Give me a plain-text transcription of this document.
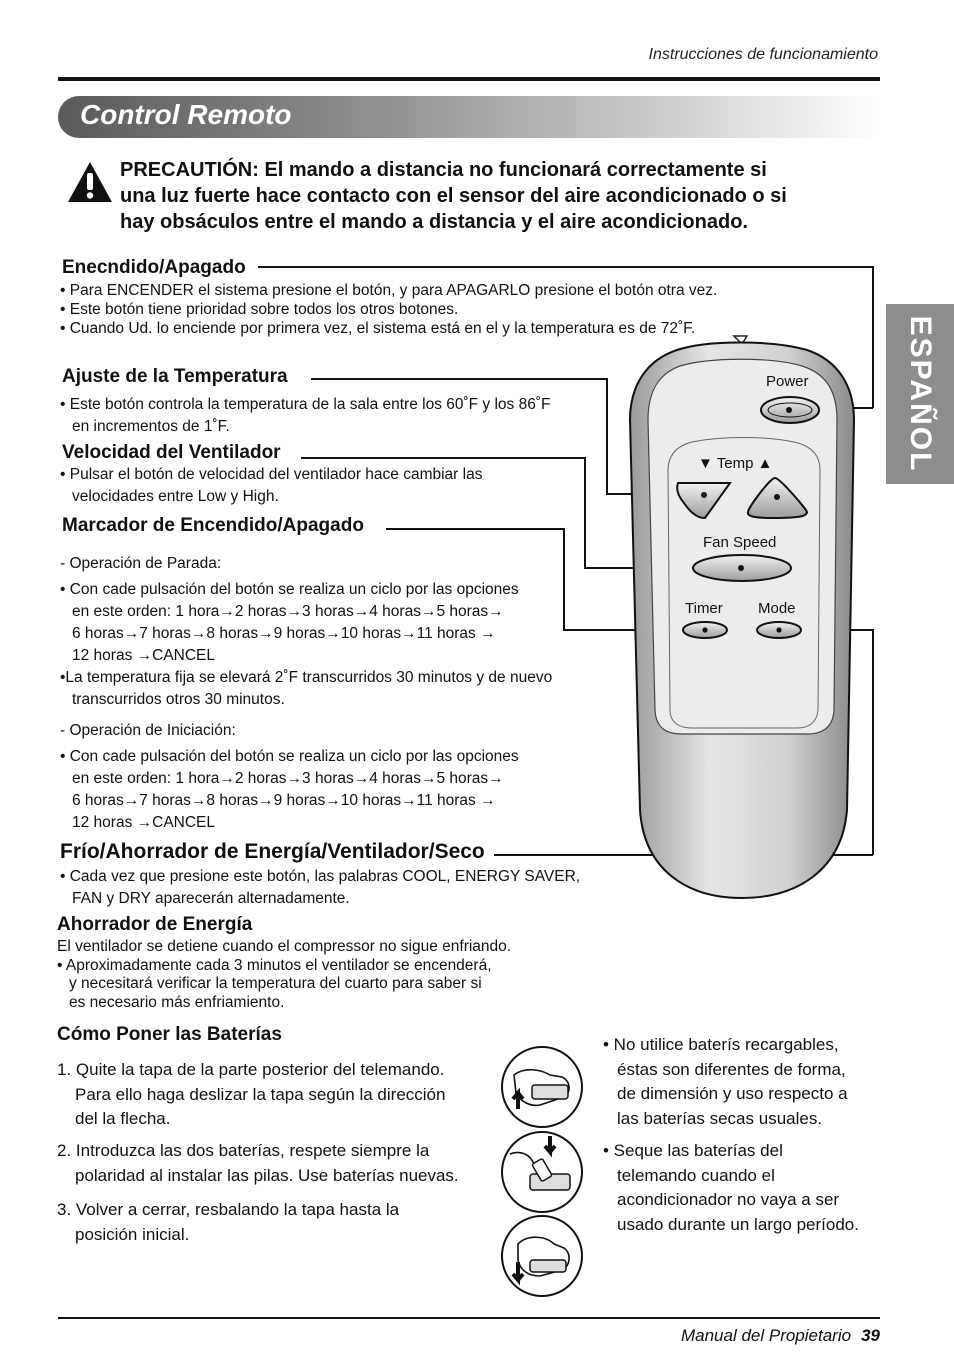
Instrucciones de funcionamiento
Control Remoto
ESPAÑOL
PRECAUTIÓN: El mando a distancia no funcionará correctamente si
una luz fuerte hace contacto con el sensor del aire acondicionado o si
hay obsáculos entre el mando a distancia y el aire acondicionado.
Enecndido/Apagado
• Para ENCENDER el sistema presione el botón, y para APAGARLO presione el botón otra vez.
• Este botón tiene prioridad sobre todos los otros botones.
• Cuando Ud. lo enciende por primera vez, el sistema está en el y la temperatura es de 72˚F.
Ajuste de la Temperatura
• Este botón controla la temperatura de la sala entre los 60˚F y los 86˚F
en incrementos de 1˚F.
Velocidad del Ventilador
• Pulsar el botón de velocidad del ventilador hace cambiar las
velocidades entre Low y High.
Marcador de Encendido/Apagado
- Operación de Parada:
• Con cade pulsación del botón se realiza un ciclo por las opciones
en este orden: 1 hora→2 horas→3 horas→4 horas→5 horas→
6 horas→7 horas→8 horas→9 horas→10 horas→11 horas →
12 horas →CANCEL
•La temperatura fija se elevará 2˚F transcurridos 30 minutos y de nuevo
transcurridos otros 30 minutos.
- Operación de Iniciación:
• Con cade pulsación del botón se realiza un ciclo por las opciones
en este orden: 1 hora→2 horas→3 horas→4 horas→5 horas→
6 horas→7 horas→8 horas→9 horas→10 horas→11 horas →
12 horas →CANCEL
Frío/Ahorrador de Energía/Ventilador/Seco
• Cada vez que presione este botón, las palabras COOL, ENERGY SAVER,
FAN y DRY aparecerán alternadamente.
Ahorrador de Energía
El ventilador se detiene cuando el compressor no sigue enfriando.
• Aproximadamente cada 3 minutos el ventilador se encenderá,
y necesitará verificar la temperatura del cuarto para saber si
es necesario más enfriamiento.
Power
▼ Temp ▲
Fan Speed
Timer Mode
Cómo Poner las Baterías
1. Quite la tapa de la parte posterior del telemando.
Para ello haga deslizar la tapa según la dirección
del la flecha.
2. Introduzca las dos baterías, respete siempre la
polaridad al instalar las pilas. Use baterías nuevas.
3. Volver a cerrar, resbalando la tapa hasta la
posición inicial.
• No utilice baterís recargables,
éstas son diferentes de forma,
de dimensión y uso respecto a
las baterías secas usuales.
• Seque las baterías del
telemando cuando el
acondicionador no vaya a ser
usado durante un largo período.
Manual del Propietario 39
